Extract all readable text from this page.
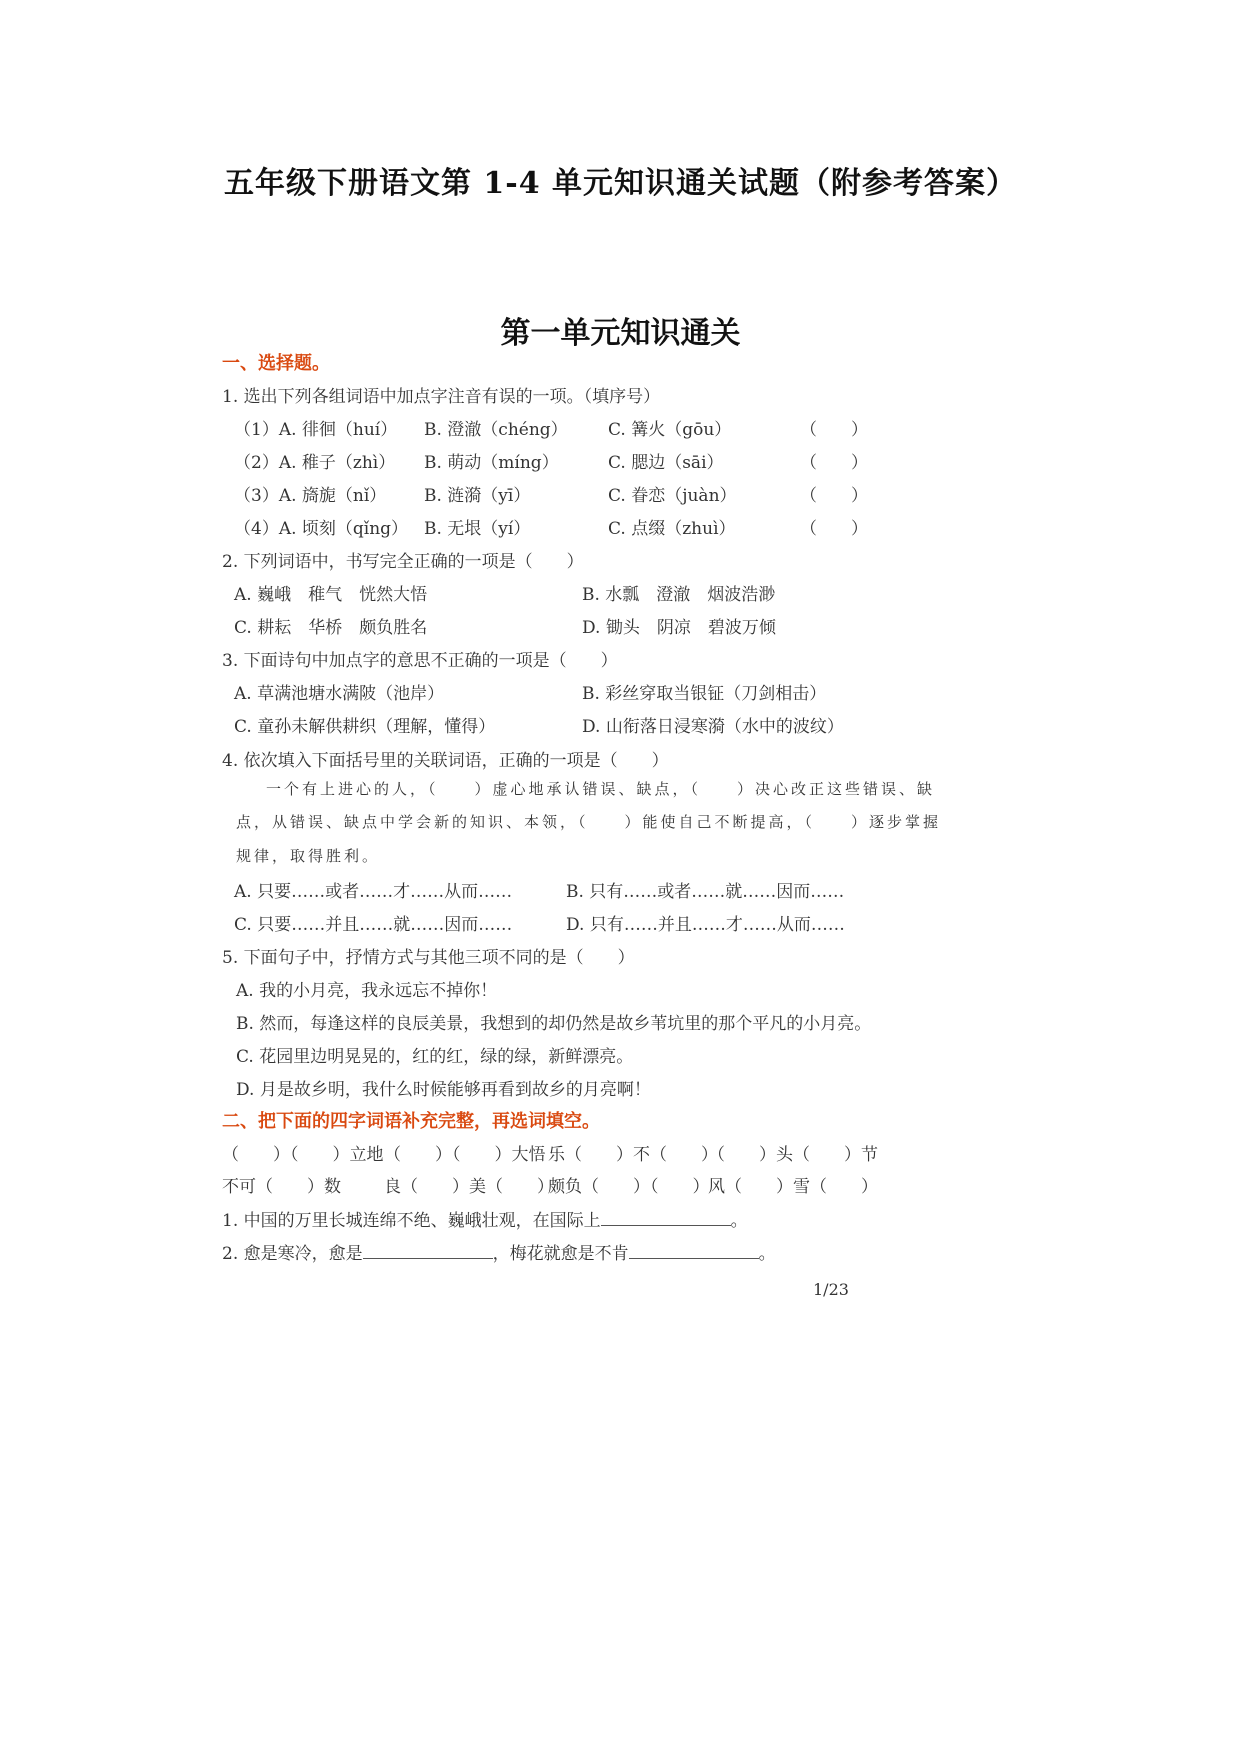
五年级下册语文第 1-4 单元知识通关试题（附参考答案）
第一单元知识通关
一、选择题。
1. 选出下列各组词语中加点字注音有误的一项。（填序号）
（1）A. 徘徊（huí） B. 澄澈（chéng） C. 篝火（gōu）	（　　）
（2）A. 稚子（zhì） B. 萌动（míng）	C. 腮边（sāi）	（　　）
（3）A. 旖旎（nǐ） B. 涟漪（yī）	C. 眷恋（juàn）	（　　）
（4）A. 顷刻（qǐng） B. 无垠（yí）	C. 点缀（zhuì）	（　　）
2. 下列词语中，书写完全正确的一项是（　　）
A. 巍峨　稚气　恍然大悟	B. 水瓢　澄澈　烟波浩渺
C. 耕耘　华桥　颇负胜名	D. 锄头　阴凉　碧波万倾
3. 下面诗句中加点字的意思不正确的一项是（　　）
A. 草满池塘水满陂（池岸）	B. 彩丝穿取当银钲（刀剑相击）
C. 童孙未解供耕织（理解，懂得）	D. 山衔落日浸寒漪（水中的波纹）
4. 依次填入下面括号里的关联词语，正确的一项是（　　）
一个有上进心的人，（　　）虚心地承认错误、缺点，（　　）决心改正这些错误、缺
点，从错误、缺点中学会新的知识、本领，（　　）能使自己不断提高，（　　）逐步掌握
规律，取得胜利。
A. 只要……或者……才……从而……	B. 只有……或者……就……因而……
C. 只要……并且……就……因而……	D. 只有……并且……才……从而……
5. 下面句子中，抒情方式与其他三项不同的是（　　）
A. 我的小月亮，我永远忘不掉你！
B. 然而，每逢这样的良辰美景，我想到的却仍然是故乡苇坑里的那个平凡的小月亮。
C. 花园里边明晃晃的，红的红，绿的绿，新鲜漂亮。
D. 月是故乡明，我什么时候能够再看到故乡的月亮啊！
二、把下面的四字词语补充完整，再选词填空。
（　　）（　　）立地 （　　）（　　）大悟 乐（　　）不（　　）
（　　）头（　　）节
不可（　　）数	良（　　）美（　　）
颇负（　　）（　　）
风（　　）雪（　　）
1. 中国的万里长城连绵不绝、巍峨壮观，在国际上	。
2. 愈是寒冷，愈是	，梅花就愈是不肯	。
1/23
